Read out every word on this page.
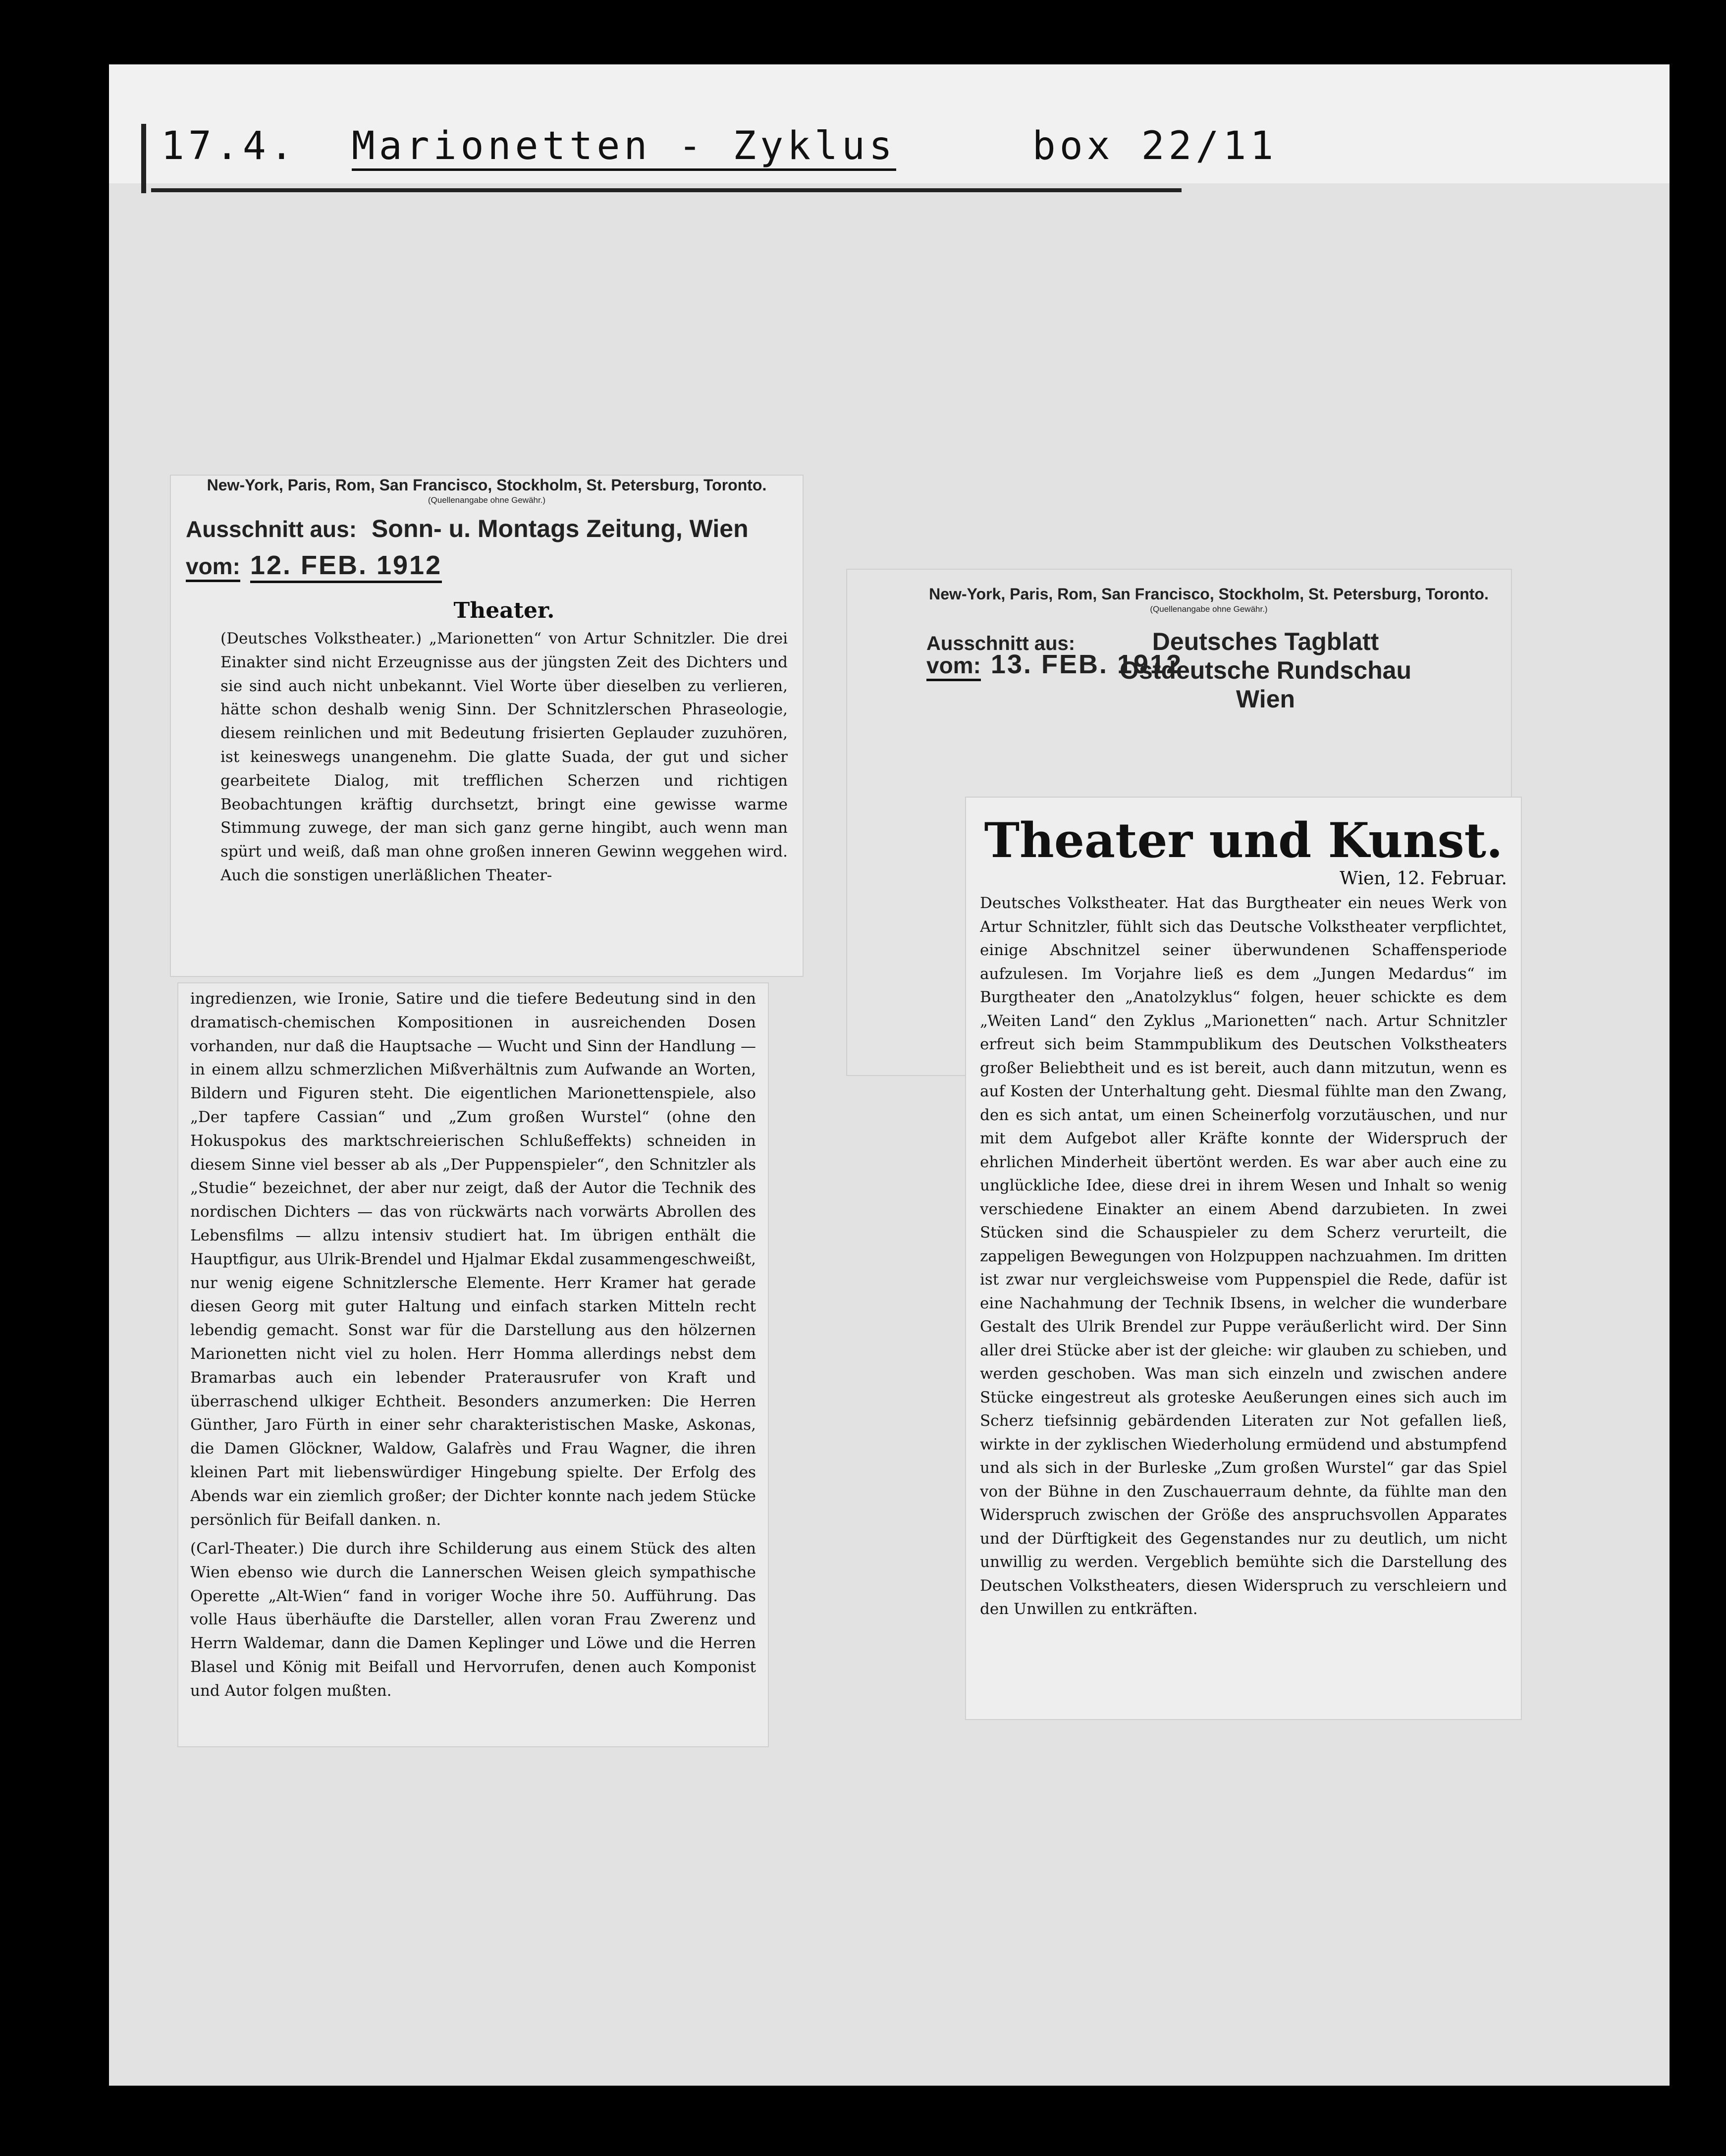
17.4. Marionetten - Zyklus	box 22/11
New-York, Paris, Rom, San Francisco, Stockholm, St. Petersburg, Toronto.
(Quellenangabe ohne Gewähr.)
Ausschnitt aus: Sonn- u. Montags Zeitung, Wien
vom: 12. FEB. 1912
Theater.
(Deutsches Volkstheater.) „Marionetten“ von Artur Schnitzler. Die drei Einakter sind nicht Erzeugnisse aus der jüngsten Zeit des Dichters und sie sind auch nicht unbekannt. Viel Worte über dieselben zu verlieren, hätte schon deshalb wenig Sinn. Der Schnitzlerschen Phraseologie, diesem reinlichen und mit Bedeutung frisierten Geplauder zuzuhören, ist keineswegs unangenehm. Die glatte Suada, der gut und sicher gearbeitete Dialog, mit trefflichen Scherzen und richtigen Beobachtungen kräftig durchsetzt, bringt eine gewisse warme Stimmung zuwege, der man sich ganz gerne hingibt, auch wenn man spürt und weiß, daß man ohne großen inneren Gewinn weggehen wird. Auch die sonstigen unerläßlichen Theater-
ingredienzen, wie Ironie, Satire und die tiefere Bedeutung sind in den dramatisch-chemischen Kompositionen in ausreichenden Dosen vorhanden, nur daß die Hauptsache — Wucht und Sinn der Handlung — in einem allzu schmerzlichen Mißverhältnis zum Aufwande an Worten, Bildern und Figuren steht. Die eigentlichen Marionettenspiele, also „Der tapfere Cassian“ und „Zum großen Wurstel“ (ohne den Hokuspokus des marktschreierischen Schlußeffekts) schneiden in diesem Sinne viel besser ab als „Der Puppenspieler“, den Schnitzler als „Studie“ bezeichnet, der aber nur zeigt, daß der Autor die Technik des nordischen Dichters — das von rückwärts nach vorwärts Abrollen des Lebensfilms — allzu intensiv studiert hat. Im übrigen enthält die Hauptfigur, aus Ulrik-Brendel und Hjalmar Ekdal zusammengeschweißt, nur wenig eigene Schnitzlersche Elemente. Herr Kramer hat gerade diesen Georg mit guter Haltung und einfach starken Mitteln recht lebendig gemacht. Sonst war für die Darstellung aus den hölzernen Marionetten nicht viel zu holen. Herr Homma allerdings nebst dem Bramarbas auch ein lebender Praterausrufer von Kraft und überraschend ulkiger Echtheit. Besonders anzumerken: Die Herren Günther, Jaro Fürth in einer sehr charakteristischen Maske, Askonas, die Damen Glöckner, Waldow, Galafrès und Frau Wagner, die ihren kleinen Part mit liebenswürdiger Hingebung spielte. Der Erfolg des Abends war ein ziemlich großer; der Dichter konnte nach jedem Stücke persönlich für Beifall danken. n.
(Carl-Theater.) Die durch ihre Schilderung aus einem Stück des alten Wien ebenso wie durch die Lannerschen Weisen gleich sympathische Operette „Alt-Wien“ fand in voriger Woche ihre 50. Aufführung. Das volle Haus überhäufte die Darsteller, allen voran Frau Zwerenz und Herrn Waldemar, dann die Damen Keplinger und Löwe und die Herren Blasel und König mit Beifall und Hervorrufen, denen auch Komponist und Autor folgen mußten.
New-York, Paris, Rom, San Francisco, Stockholm, St. Petersburg, Toronto.
(Quellenangabe ohne Gewähr.)
Ausschnitt aus:	Deutsches Tagblatt
Ostdeutsche Rundschau
Wien
vom: 13. FEB. 1912
Theater und Kunst.
Wien, 12. Februar.
Deutsches Volkstheater. Hat das Burgtheater ein neues Werk von Artur Schnitzler, fühlt sich das Deutsche Volkstheater verpflichtet, einige Abschnitzel seiner überwundenen Schaffensperiode aufzulesen. Im Vorjahre ließ es dem „Jungen Medardus“ im Burgtheater den „Anatolzyklus“ folgen, heuer schickte es dem „Weiten Land“ den Zyklus „Marionetten“ nach. Artur Schnitzler erfreut sich beim Stammpublikum des Deutschen Volkstheaters großer Beliebtheit und es ist bereit, auch dann mitzutun, wenn es auf Kosten der Unterhaltung geht. Diesmal fühlte man den Zwang, den es sich antat, um einen Scheinerfolg vorzutäuschen, und nur mit dem Aufgebot aller Kräfte konnte der Widerspruch der ehrlichen Minderheit übertönt werden. Es war aber auch eine zu unglückliche Idee, diese drei in ihrem Wesen und Inhalt so wenig verschiedene Einakter an einem Abend darzubieten. In zwei Stücken sind die Schauspieler zu dem Scherz verurteilt, die zappeligen Bewegungen von Holzpuppen nachzuahmen. Im dritten ist zwar nur vergleichsweise vom Puppenspiel die Rede, dafür ist eine Nachahmung der Technik Ibsens, in welcher die wunderbare Gestalt des Ulrik Brendel zur Puppe veräußerlicht wird. Der Sinn aller drei Stücke aber ist der gleiche: wir glauben zu schieben, und werden geschoben. Was man sich einzeln und zwischen andere Stücke eingestreut als groteske Aeußerungen eines sich auch im Scherz tiefsinnig gebärdenden Literaten zur Not gefallen ließ, wirkte in der zyklischen Wiederholung ermüdend und abstumpfend und als sich in der Burleske „Zum großen Wurstel“ gar das Spiel von der Bühne in den Zuschauerraum dehnte, da fühlte man den Widerspruch zwischen der Größe des anspruchsvollen Apparates und der Dürftigkeit des Gegenstandes nur zu deutlich, um nicht unwillig zu werden. Vergeblich bemühte sich die Darstellung des Deutschen Volkstheaters, diesen Widerspruch zu verschleiern und den Unwillen zu entkräften.
